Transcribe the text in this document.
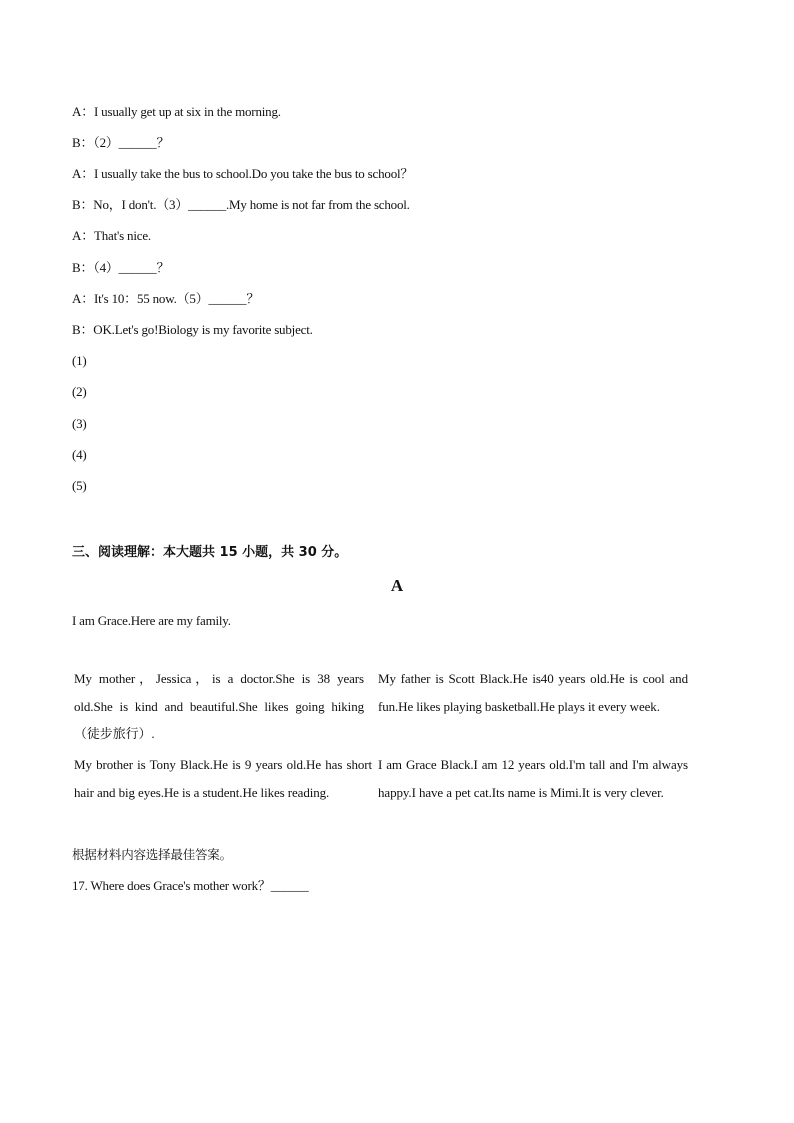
A：I usually get up at six in the morning.
B：（2）______？
A：I usually take the bus to school.Do you take the bus to school？
B：No，I don't.（3）______.My home is not far from the school.
A：That's nice.
B：（4）______？
A：It's 10：55 now.（5）______？
B：OK.Let's go!Biology is my favorite subject.
(1)
(2)
(3)
(4)
(5)
三、阅读理解：本大题共 15 小题，共 30 分。
A
I am Grace.Here are my family.
My mother，Jessica，is a doctor.She is 38 years old.She is kind and beautiful.She likes going hiking （徒步旅行）.
My father is Scott Black.He is40 years old.He is cool and fun.He likes playing basketball.He plays it every week.
My brother is Tony Black.He is 9 years old.He has short hair and big eyes.He is a student.He likes reading.
I am Grace Black.I am 12 years old.I'm tall and I'm always happy.I have a pet cat.Its name is Mimi.It is very clever.
根据材料内容选择最佳答案。
17. Where does Grace's mother work？______
